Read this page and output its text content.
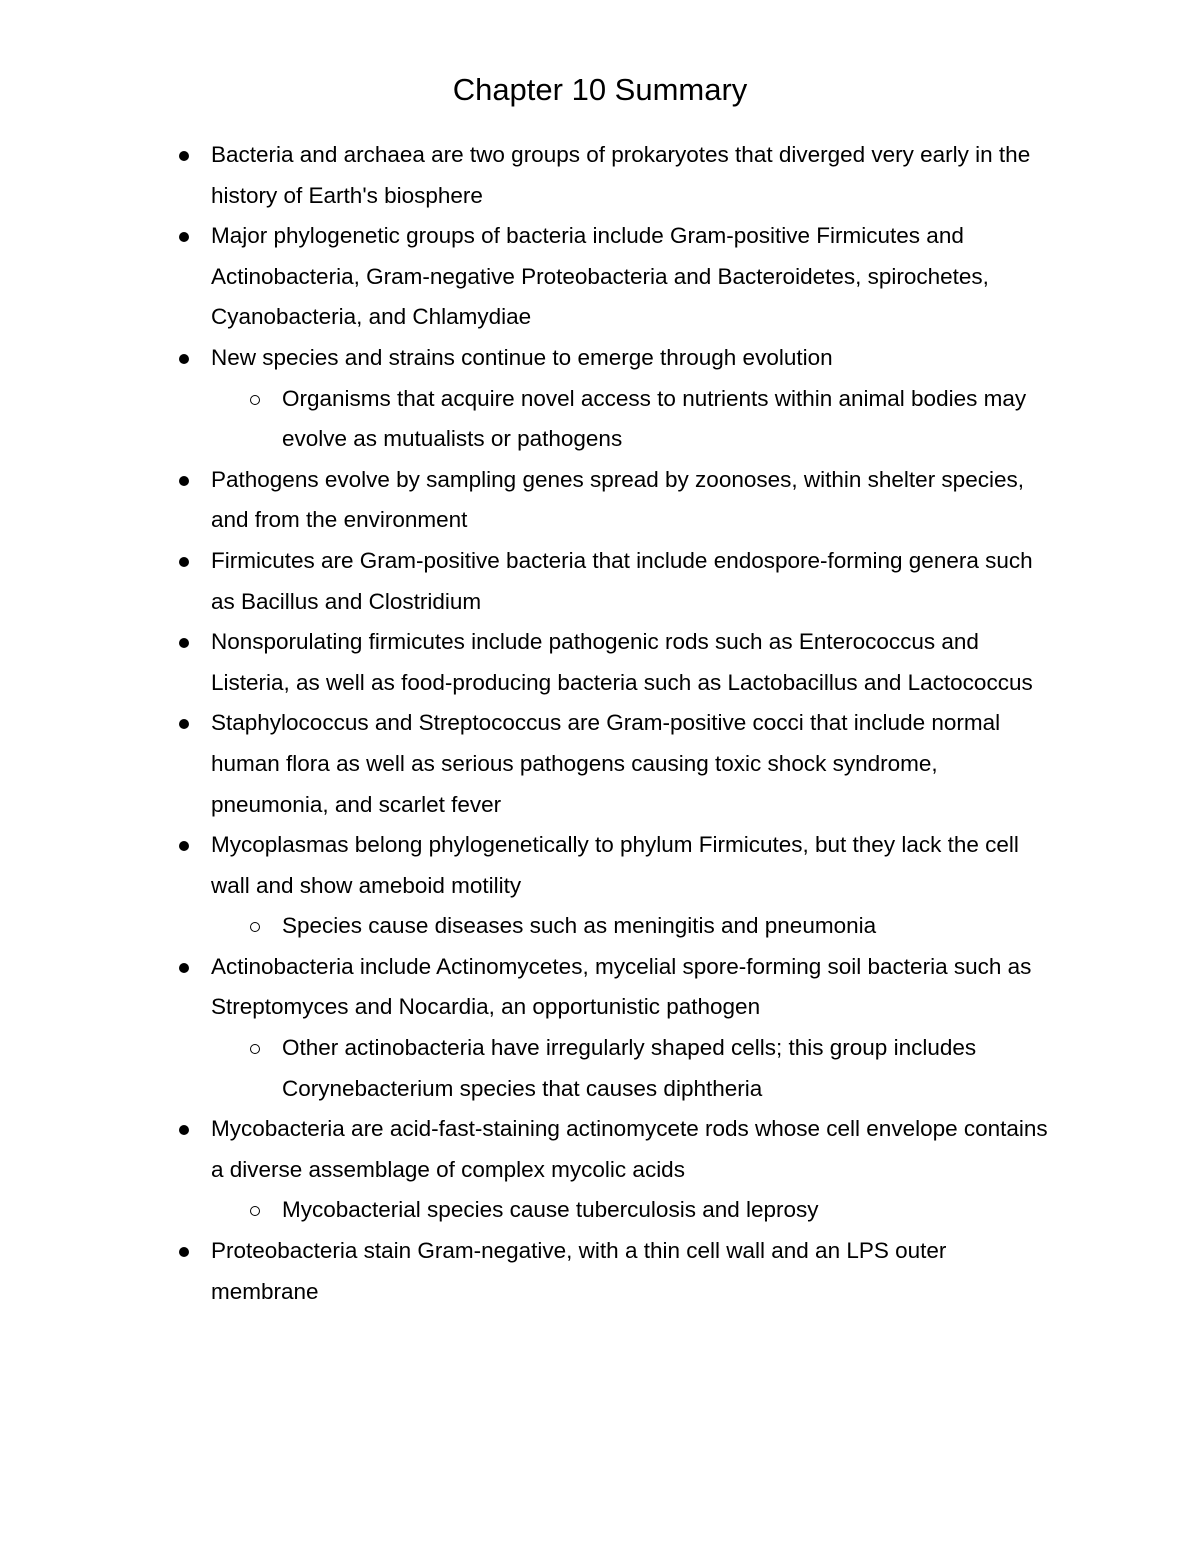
Chapter 10 Summary
Bacteria and archaea are two groups of prokaryotes that diverged very early in the history of Earth's biosphere
Major phylogenetic groups of bacteria include Gram-positive Firmicutes and Actinobacteria, Gram-negative Proteobacteria and Bacteroidetes, spirochetes, Cyanobacteria, and Chlamydiae
New species and strains continue to emerge through evolution
Organisms that acquire novel access to nutrients within animal bodies may evolve as mutualists or pathogens
Pathogens evolve by sampling genes spread by zoonoses, within shelter species, and from the environment
Firmicutes are Gram-positive bacteria that include endospore-forming genera such as Bacillus and Clostridium
Nonsporulating firmicutes include pathogenic rods such as Enterococcus and Listeria, as well as food-producing bacteria such as Lactobacillus and Lactococcus
Staphylococcus and Streptococcus are Gram-positive cocci that include normal human flora as well as serious pathogens causing toxic shock syndrome, pneumonia, and scarlet fever
Mycoplasmas belong phylogenetically to phylum Firmicutes, but they lack the cell wall and show ameboid motility
Species cause diseases such as meningitis and pneumonia
Actinobacteria include Actinomycetes, mycelial spore-forming soil bacteria such as Streptomyces and Nocardia, an opportunistic pathogen
Other actinobacteria have irregularly shaped cells; this group includes Corynebacterium species that causes diphtheria
Mycobacteria are acid-fast-staining actinomycete rods whose cell envelope contains a diverse assemblage of complex mycolic acids
Mycobacterial species cause tuberculosis and leprosy
Proteobacteria stain Gram-negative, with a thin cell wall and an LPS outer membrane
